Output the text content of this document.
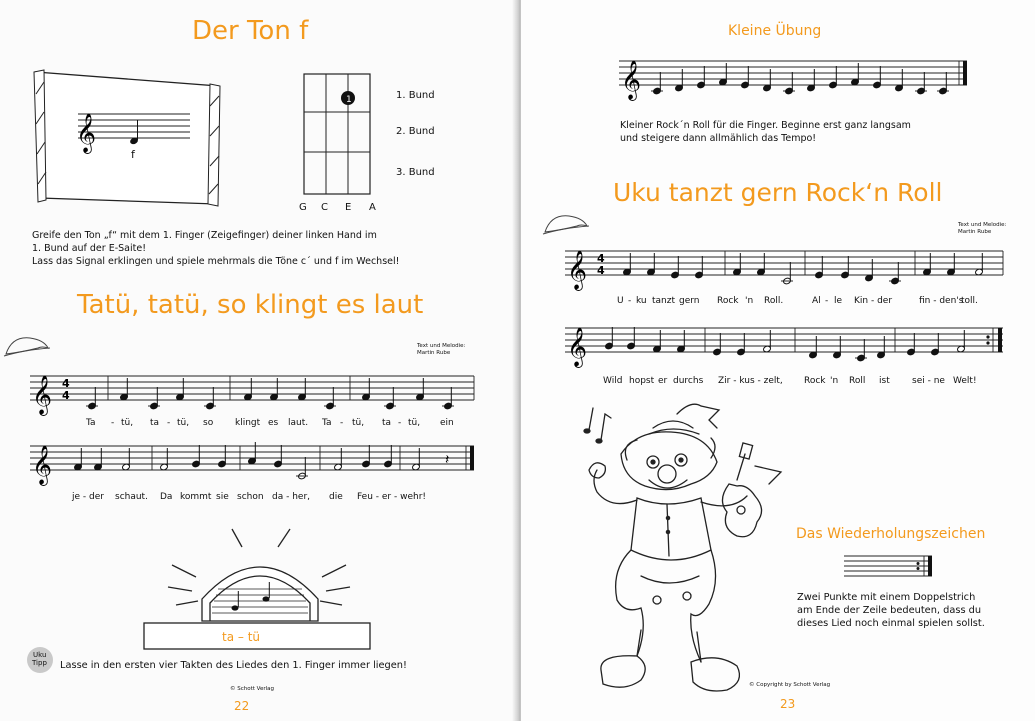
Der Ton f
𝄞
f
1	1. Bund
2. Bund
3. Bund
G C E A
Greife den Ton „f“ mit dem 1. Finger (Zeigefinger) deiner linken Hand im
1. Bund auf der E-Saite!
Lass das Signal erklingen und spiele mehrmals die Töne c´ und f im Wechsel!
Tatü, tatü, so klingt es laut
Text und Melodie:
Martin Rube
𝄞 4
4
Ta - tü, ta - tü, so klingt es laut. Ta - tü, ta - tü, ein
𝄞	𝄽
je - der schaut. Da kommt sie schon da - her, die Feu - er - wehr!
ta – tü
Uku
Tipp Lasse in den ersten vier Takten des Liedes den 1. Finger immer liegen!
© Schott Verlag
22
Kleine Übung
𝄞
Kleiner Rock´n Roll für die Finger. Beginne erst ganz langsam
und steigere dann allmählich das Tempo!
Uku tanzt gern Rock‘n Roll
Text und Melodie:
Martin Rube
𝄞 4
4
U - ku tanzt gern Rock 'n Roll.	Al - le Kin - der	fin - den's
toll.
𝄞
Wild hopst er durchs Zir - kus - zelt, Rock 'n Roll ist sei - ne Welt!
Das Wiederholungszeichen
Zwei Punkte mit einem Doppelstrich
am Ende der Zeile bedeuten, dass du
dieses Lied noch einmal spielen sollst.
© Copyright by Schott Verlag
23
